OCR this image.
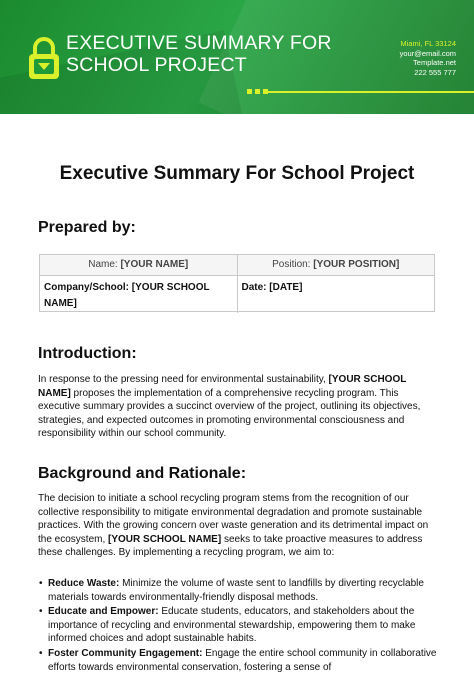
EXECUTIVE SUMMARY FOR SCHOOL PROJECT
Miami, FL 33124
your@email.com
Template.net
222 555 777
Executive Summary For School Project
Prepared by:
Name: [YOUR NAME]	Position: [YOUR POSITION]
Company/School: [YOUR SCHOOL NAME]
Date: [DATE]
Introduction:

In response to the pressing need for environmental sustainability, [YOUR SCHOOL NAME] proposes the implementation of a comprehensive recycling program. This executive summary provides a succinct overview of the project, outlining its objectives, strategies, and expected outcomes in promoting environmental consciousness and responsibility within our school community.

Background and Rationale:

The decision to initiate a school recycling program stems from the recognition of our collective responsibility to mitigate environmental degradation and promote sustainable practices. With the growing concern over waste generation and its detrimental impact on the ecosystem, [YOUR SCHOOL NAME] seeks to take proactive measures to address these challenges. By implementing a recycling program, we aim to:

• Reduce Waste: Minimize the volume of waste sent to landfills by diverting recyclable materials towards environmentally-friendly disposal methods.
• Educate and Empower: Educate students, educators, and stakeholders about the importance of recycling and environmental stewardship, empowering them to make informed choices and adopt sustainable habits.
• Foster Community Engagement: Engage the entire school community in collaborative efforts towards environmental conservation, fostering a sense of
